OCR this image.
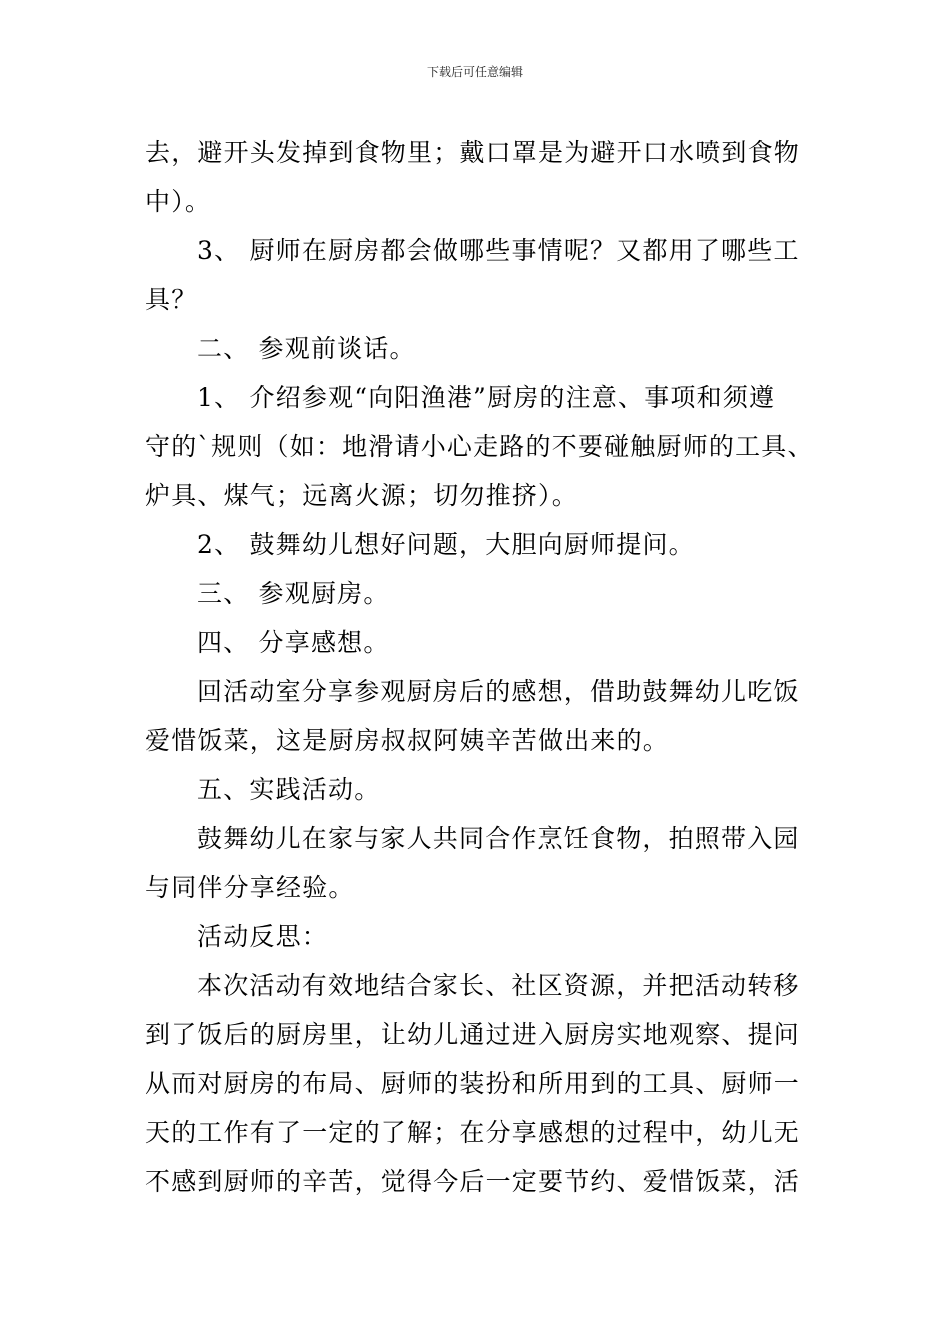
下载后可任意编辑

去，避开头发掉到食物里；戴口罩是为避开口水喷到食物

中）。

3、 厨师在厨房都会做哪些事情呢？又都用了哪些工

具？

二、 参观前谈话。

1、 介绍参观“向阳渔港”厨房的注意、事项和须遵

守的`规则（如：地滑请小心走路的不要碰触厨师的工具、

炉具、煤气；远离火源；切勿推挤）。

2、 鼓舞幼儿想好问题，大胆向厨师提问。

三、 参观厨房。

四、 分享感想。

回活动室分享参观厨房后的感想，借助鼓舞幼儿吃饭

爱惜饭菜，这是厨房叔叔阿姨辛苦做出来的。

五、实践活动。

鼓舞幼儿在家与家人共同合作烹饪食物，拍照带入园

与同伴分享经验。

活动反思：

本次活动有效地结合家长、社区资源，并把活动转移

到了饭后的厨房里，让幼儿通过进入厨房实地观察、提问

从而对厨房的布局、厨师的装扮和所用到的工具、厨师一

天的工作有了一定的了解；在分享感想的过程中，幼儿无

不感到厨师的辛苦，觉得今后一定要节约、爱惜饭菜，活
